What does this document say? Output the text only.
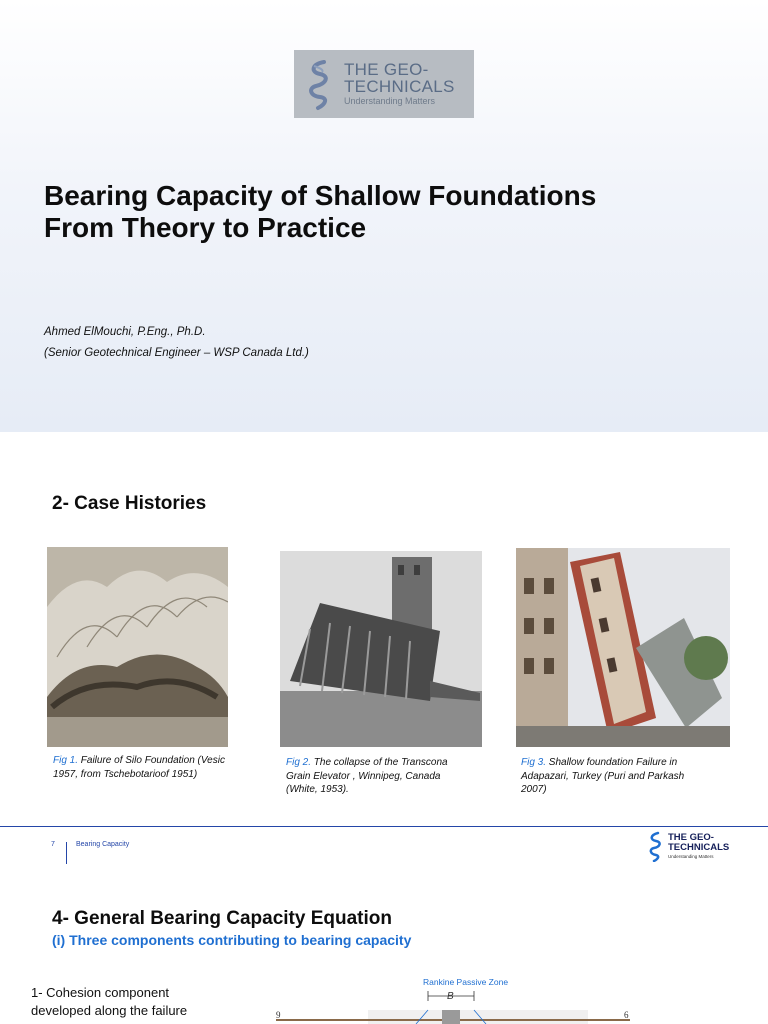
THE GEO-
TECHNICALS
Understanding Matters
Bearing Capacity of Shallow Foundations
From Theory to Practice
Ahmed ElMouchi, P.Eng., Ph.D.
(Senior Geotechnical Engineer – WSP Canada Ltd.)
2- Case Histories
Fig 1. Failure of Silo Foundation (Vesic 1957, from Tschebotarioof 1951)
Fig 2. The collapse of the Transcona Grain Elevator , Winnipeg, Canada (White, 1953).
Fig 3. Shallow foundation Failure in Adapazari, Turkey (Puri and Parkash 2007)
7	Bearing Capacity
THE GEO-
TECHNICALS
Understanding Matters
4- General Bearing Capacity Equation
(i) Three components contributing to bearing capacity
1- Cohesion component developed along the failure
Rankine Passive Zone
B
9	6
